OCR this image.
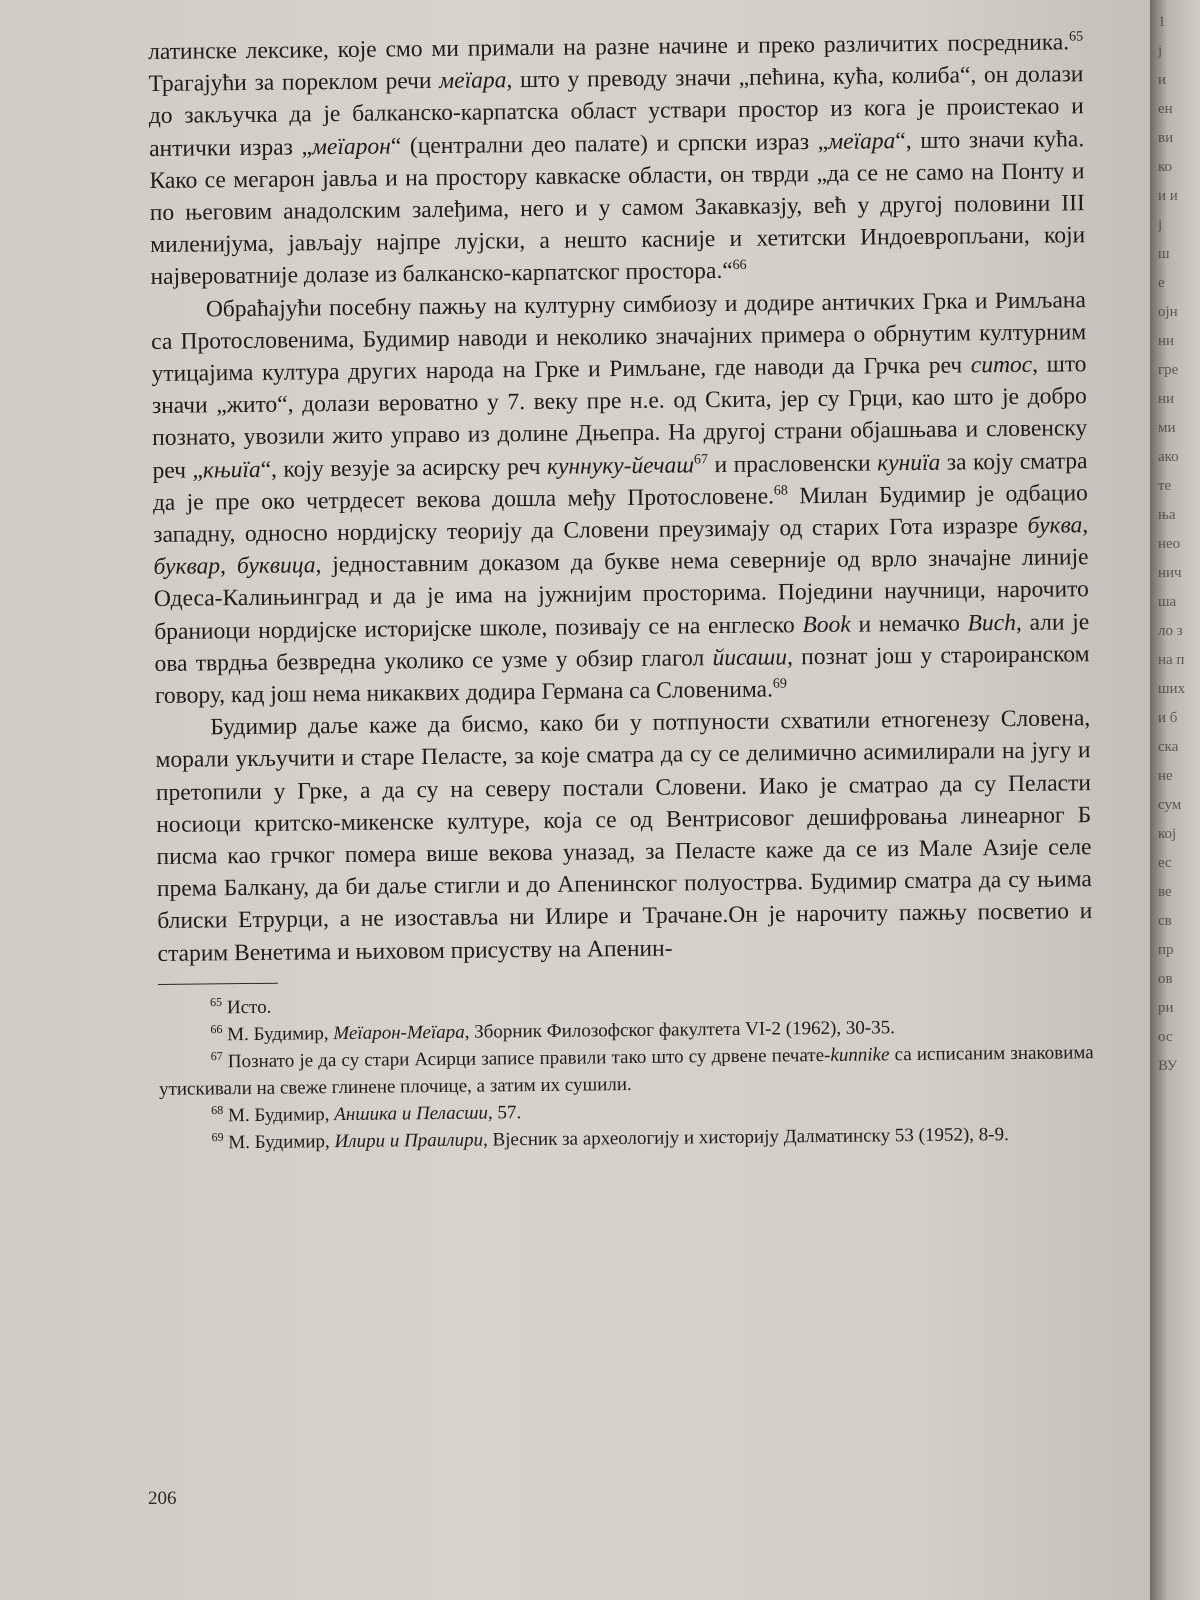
латинске лексике, које смо ми примали на разне начине и преко различитих посредника.$^{65}$ Трагајући за пореклом речи меїара, што у преводу значи „пећина, кућа, колиба“, он долази до закључка да је балканско-карпатска област уствари простор из кога је проистекао и антички израз „меїарон“ (централни део палате) и српски израз „меїара“, што значи кућа. Како се мегарон јавља и на простору кавкаске области, он тврди „да се не само на Понту и по његовим анадолским залеђима, него и у самом Закавказју, већ у другој половини III миленијума, јављају најпре лујски, а нешто касније и хетитски Индоевропљани, који највероватније долазе из балканско-карпатског простора.“$^{66}$

Обраћајући посебну пажњу на културну симбиозу и додире античких Грка и Римљана са Протословенима, Будимир наводи и неколико значајних примера о обрнутим културним утицајима култура других народа на Грке и Римљане, где наводи да Грчка реч ситос, што значи „жито“, долази вероватно у 7. веку пре н.е. од Скита, јер су Грци, као што је добро познато, увозили жито управо из долине Дњепра. На другој страни објашњава и словенску реч „књиїа“, коју везује за асирску реч куннуку-йечаш$^{67}$ и прасловенски куниїа за коју сматра да је пре око четрдесет векова дошла међу Протословене.$^{68}$ Милан Будимир је одбацио западну, односно нордијску теорију да Словени преузимају од старих Гота изразре буква, буквар, буквица, једноставним доказом да букве нема северније од врло значајне линије Одеса-Калињинград и да је има на јужнијим просторима. Поједини научници, нарочито браниоци нордијске историјске школе, позивају се на енглеско Book и немачко Buch, али је ова тврдња безвредна уколико се узме у обзир глагол йисаши, познат још у староиранском говору, кад још нема никаквих додира Германа са Словенима.$^{69}$

Будимир даље каже да бисмо, како би у потпуности схватили етногенезу Словена, морали укључити и старе Пеласте, за које сматра да су се делимично асимилирали на југу и претопили у Грке, а да су на северу постали Словени. Иако је сматрао да су Пеласти носиоци критско-микенске културе, која се од Вентрисовог дешифровања линеарног Б писма као грчког помера више векова уназад, за Пеласте каже да се из Мале Азије селе према Балкану, да би даље стигли и до Апенинског полуострва. Будимир сматра да су њима блиски Етрурци, а не изоставља ни Илире и Трачане.Он је нарочиту пажњу посветио и старим Венетима и њиховом присуству на Апенин-

$^{65}$ Исто.

$^{66}$ М. Будимир, Меїарон-Меїара, Зборник Филозофског факултета VI-2 (1962), 30-35.

$^{67}$ Познато је да су стари Асирци записе правили тако што су дрвене печате-kunnike са исписаним знаковима утискивали на свеже глинене плочице, а затим их сушили.

$^{68}$ М. Будимир, Аншика и Пеласши, 57.

$^{69}$ М. Будимир, Илири и Праилири, Вјесник за археологију и хисторију Далматинску 53 (1952), 8-9.

206
1
ј
и
ен
ви
ко
и и
ј
ш
е
ојн
ни
гре
ни
ми
ако
те
ња
нео
нич
ша
ло з
на п
ших
и б
ска
не
сум
кој
ес
ве
св
пр
ов
ри
ос
ВУ
